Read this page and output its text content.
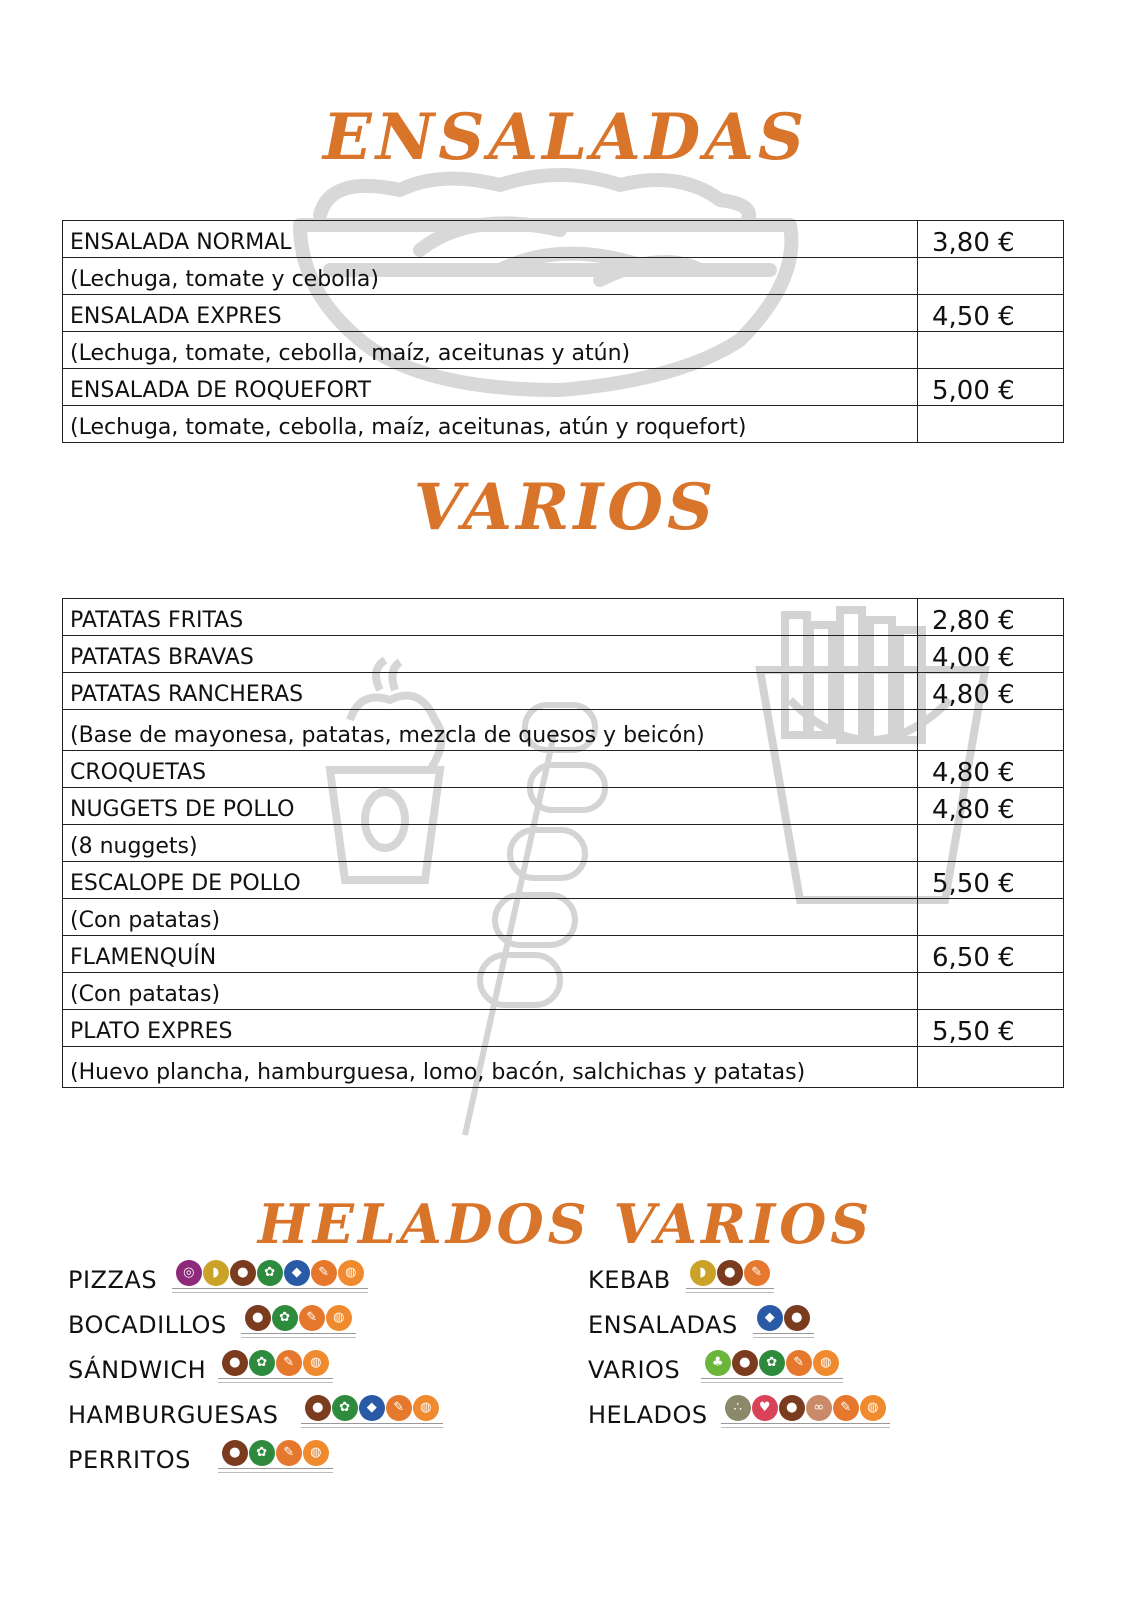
ENSALADAS
ENSALADA NORMAL	3,80 €
(Lechuga, tomate y cebolla)	
ENSALADA EXPRES	4,50 €
(Lechuga, tomate, cebolla, maíz, aceitunas y atún)	
ENSALADA DE ROQUEFORT	5,00 €
(Lechuga, tomate, cebolla, maíz, aceitunas, atún y roquefort)	
VARIOS
PATATAS FRITAS	2,80 €
PATATAS BRAVAS	4,00 €
PATATAS RANCHERAS	4,80 €
(Base de mayonesa, patatas, mezcla de quesos y beicón)	
CROQUETAS	4,80 €
NUGGETS DE POLLO	4,80 €
(8 nuggets)	
ESCALOPE DE POLLO	5,50 €
(Con patatas)	
FLAMENQUÍN	6,50 €
(Con patatas)	
PLATO EXPRES	5,50 €
(Huevo plancha, hamburguesa, lomo, bacón, salchichas y patatas)	
HELADOS VARIOS
PIZZAS	◎	◗	●	✿	◆	✎	◍
BOCADILLOS	●	✿	✎	◍
SÁNDWICH	●	✿	✎	◍
HAMBURGUESAS	●	✿	◆	✎	◍
PERRITOS	●	✿	✎	◍
KEBAB	◗	●	✎
ENSALADAS	◆	●
VARIOS	♣	●	✿	✎	◍
HELADOS	∴	♥	●	∞	✎	◍
